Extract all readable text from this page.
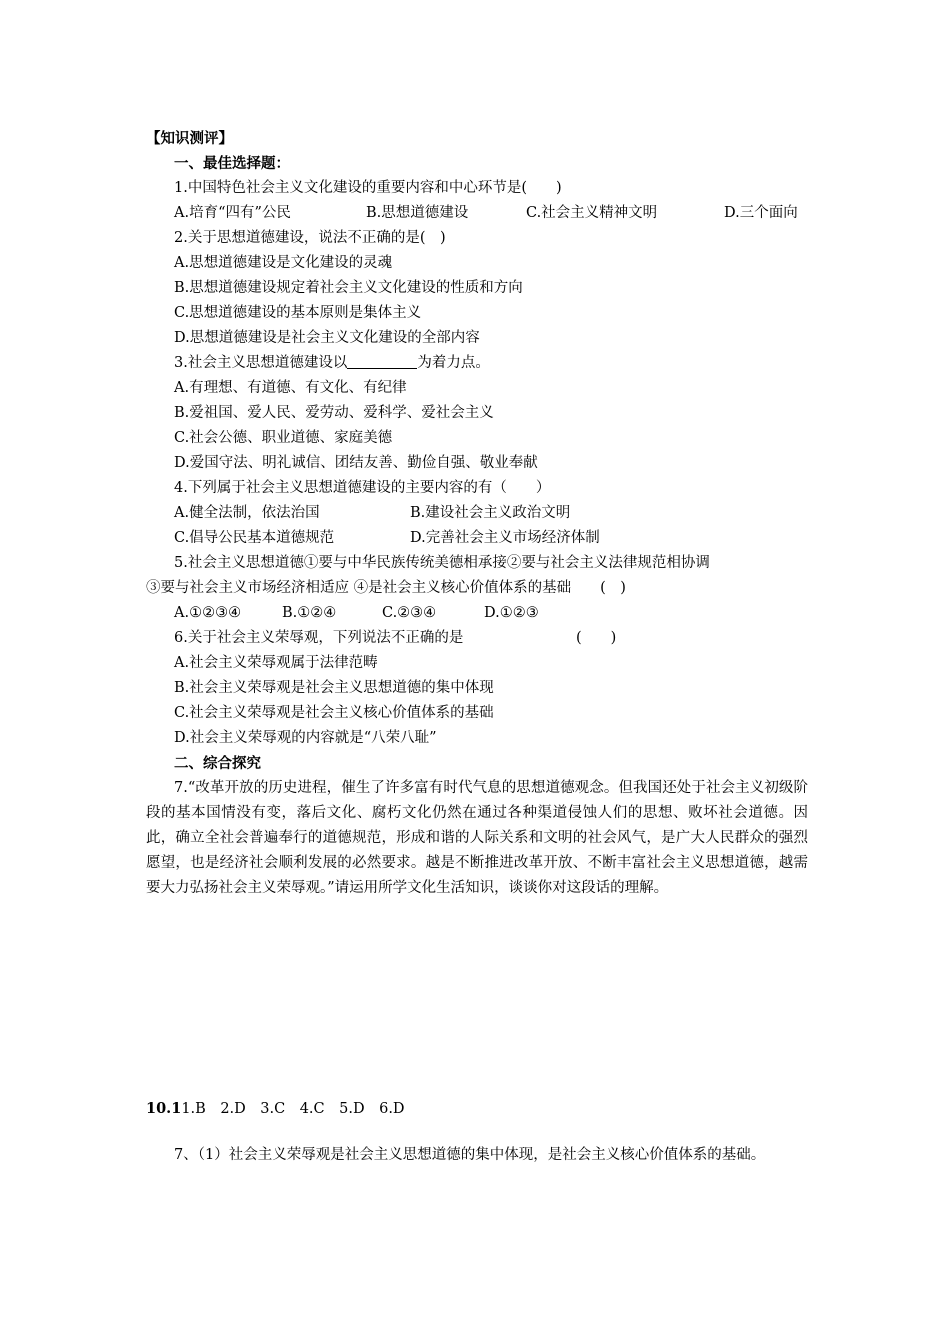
【知识测评】
一、最佳选择题：
1.中国特色社会主义文化建设的重要内容和中心环节是(　　)
A.培育“四有”公民	B.思想道德建设	C.社会主义精神文明	D.三个面向
2.关于思想道德建设，说法不正确的是(　)
A.思想道德建设是文化建设的灵魂
B.思想道德建设规定着社会主义文化建设的性质和方向
C.思想道德建设的基本原则是集体主义
D.思想道德建设是社会主义文化建设的全部内容
3.社会主义思想道德建设以	为着力点。
A.有理想、有道德、有文化、有纪律
B.爱祖国、爱人民、爱劳动、爱科学、爱社会主义
C.社会公德、职业道德、家庭美德
D.爱国守法、明礼诚信、团结友善、勤俭自强、敬业奉献
4.下列属于社会主义思想道德建设的主要内容的有（　　）
A.健全法制，依法治国	B.建设社会主义政治文明
C.倡导公民基本道德规范	D.完善社会主义市场经济体制
5.社会主义思想道德①要与中华民族传统美德相承接②要与社会主义法律规范相协调
③要与社会主义市场经济相适应 ④是社会主义核心价值体系的基础　　(　)
A.①②③④	B.①②④	C.②③④	D.①②③
6.关于社会主义荣辱观，下列说法不正确的是	(　　)
A.社会主义荣辱观属于法律范畴
B.社会主义荣辱观是社会主义思想道德的集中体现
C.社会主义荣辱观是社会主义核心价值体系的基础
D.社会主义荣辱观的内容就是“八荣八耻”
二、综合探究
7.“改革开放的历史进程，催生了许多富有时代气息的思想道德观念。但我国还处于社会主义初级阶段的基本国情没有变，落后文化、腐朽文化仍然在通过各种渠道侵蚀人们的思想、败坏社会道德。因此，确立全社会普遍奉行的道德规范，形成和谐的人际关系和文明的社会风气，是广大人民群众的强烈愿望，也是经济社会顺利发展的必然要求。越是不断推进改革开放、不断丰富社会主义思想道德，越需要大力弘扬社会主义荣辱观。”请运用所学文化生活知识，谈谈你对这段话的理解。
10.11.B　2.D　3.C　4.C　5.D　6.D
7、（1）社会主义荣辱观是社会主义思想道德的集中体现，是社会主义核心价值体系的基础。
